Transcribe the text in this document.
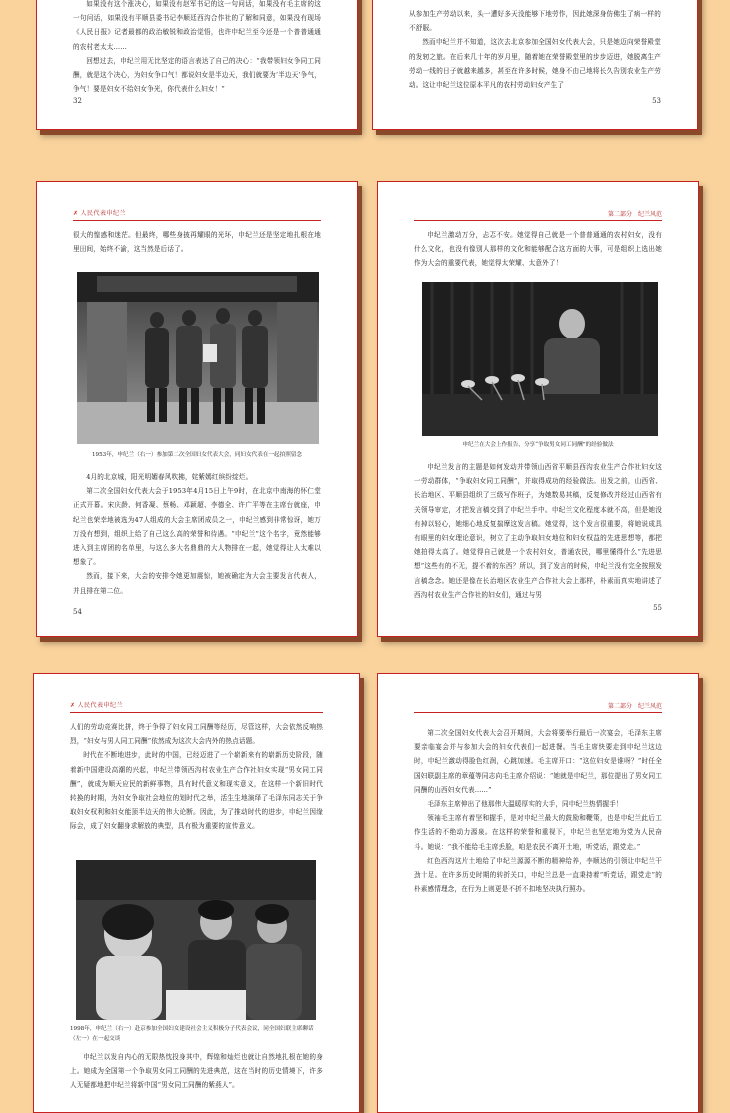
如果没有这个涨决心，如果没有赵军书记的这一句问话，如果没有毛主席的这一句问话，如果没有平顺县委书记李顺廷西沟合作社的了解和同意，如果没有现场《人民日报》记者最都的政治敏锐和政治觉悟，也许申纪兰至今还是一个普普通通的农村老太太……

回想过去，申纪兰用无比坚定的语言表达了自己的决心：“我带领妇女争同工同酬，就是这个决心，为妇女争口气！都说妇女是半边天，我们就要为‘半边天’争气，争气！要是妇女不给妇女争光，你代表什么妇女！”

32

从参加生产劳动以来，头一遭好多天没能够下地劳作，因此她深身仿佛生了病一样的不舒服。

然而申纪兰并不知道，这次去北京参加全国妇女代表大会，只是她迈向荣誉殿堂的发轫之旅。在后来几十年的岁月里，随着她在荣誉殿堂里的步步迈进，她脱离生产劳动一线的日子就越来越多，甚至在许多时候，她身不由己地将长久告别农业生产劳动。这让申纪兰这位原本平凡的农村劳动妇女产生了

53
✗ 人民代表申纪兰

很大的惶惑和迷茫。但最终，哪些身披再耀眼的光环，申纪兰还是坚定地扎根在地里田间，始终不渝，这当然是后话了。

1953年，申纪兰（右一）参加第二次全国妇女代表大会，同妇女代表在一起拍照留念

4月的北京城，阳光明媚春风吹拂，姹紫嫣红缤纷绽烂。

第二次全国妇女代表大会于1953年4月15日上午9时，在北京中南海的怀仁堂正式开幕。宋庆龄、何香凝、蔡畅、邓颖超、李德全、许广平等在主席台就座，申纪兰也荣幸地被选为47人组成的大会主席团成员之一，申纪兰感到非常惊讶，她万万没有想到，组织上给了自己这么高的荣誉和待遇。“申纪兰”这个名字，竟然能够进入到主席团的名单里，与这么多大名鼎鼎的大人物排在一起，她觉得让人太难以想象了。

然而，接下来，大会的安排令她更加震惊，她被确定为大会主要发言代表人，并且排在第二位。

54
第二部分　纪兰风范

申纪兰激动万分，忐忑不安。她觉得自己就是一个普普通通的农村妇女，没有什么文化，也没有像别人那样的文化和能够配合这方面的大事，可是组织上选出她作为大会的重要代表，她觉得太荣耀、太意外了！

申纪兰在大会上作报告，分享“争取男女同工同酬”的经验做法

申纪兰发言的主题是如何发动并带领山西省平顺县西沟农业生产合作社妇女这一劳动群体，“争取妇女同工同酬”，并取得成功的经验做法。出发之前，山西省、长治地区、平顺县组织了三级写作班子，为她数易其稿，反复修改并经过山西省有关领导审定，才把发言稿交到了申纪兰手中。申纪兰文化程度本就不高，但是她没有掉以轻心，她细心地反复揣摩这发言稿。她觉得，这个发言很重要，将她说成具有眼里的妇女理论意识，树立了主动争取妇女地位和妇女权益的先进思想等，都把她拍得太高了。她觉得自己就是一个农村妇女，普通农民，哪里懂得什么“先进思想”这些有的不无，提不着的东西？所以，到了发言的时候，申纪兰没有完全按照发言稿念念。她还是像在长治地区农业生产合作社大会上那样，朴素而真实地讲述了西沟村农业生产合作社的妇女们，通过与男

55
✗ 人民代表申纪兰

人们的劳动竞赛比拼，终于争得了妇女同工同酬等经历，尽管这样，大会依然反响热烈，“妇女与男人同工同酬”依然成为这次大会内外的热点话题。

时代在不断地进步，此时的中国，已经迈进了一个崭新来有的崭新历史阶段，随着新中国建设高潮的兴起，申纪兰带领西沟村农业生产合作社妇女实现“男女同工同酬”，就成为顺天应民的新鲜事物，具有时代意义和现实意义，在这样一个新旧时代转换的时期，为妇女争取社会地位的划时代之举，活生生地演绎了毛泽东同志关于争取妇女权利和妇女能顶半边天的伟大论断。因此，为了推动时代的进步，申纪兰因缘际会，成了妇女翻身求解放的典型，具有极为重要的宣传意义。

1998年，申纪兰（右一）赴京参加全国妇女建设社会主义积极分子代表会议，同全国妇联主席聊话（左一）在一起交谈

申纪兰以发自内心的无限热忱投身其中，辉煌和灿烂也就让自然地扎根在她的身上。她成为全国第一个争取男女同工同酬的先进典范，这在当时的历史情境下，许多人无疑都地把申纪兰将新中国“男女同工同酬的紫燕人”。

第二部分　纪兰风范

第二次全国妇女代表大会召开期间，大会将要举行最后一次宴会，毛泽东主席要亲临宴会并与参加大会的妇女代表们一起进餐。当毛主席快要走到申纪兰这边时，申纪兰激动得脸色红润，心跳加速。毛主席开口：“这位妇女是谁呀？”时任全国妇联副主席的章蕴等同志向毛主席介绍说：“她就是申纪兰，那位提出了男女同工同酬的山西妇女代表……”

毛泽东主席伸出了他那伟大温暖厚实的大手，同申纪兰热情握手！

领袖毛主席有着坚和握手，是对申纪兰最大的鼓励和鞭策，也是申纪兰此后工作生活的不绝动力源泉。在这样的荣誉和重视下，申纪兰也坚定地为党为人民奋斗。她说：“我不能给毛主席丢脸，咱是农民不离开土地，听党话，跟党走。”

红色西沟这片土地给了申纪兰源源不断的精神给养，李顺达的引领让申纪兰干劲十足。在许多历史时期的转折关口，申纪兰总是一直秉持着“听党话，跟党走”的朴素感情理念，在行为上则更是不折不扣地坚决执行照办。
